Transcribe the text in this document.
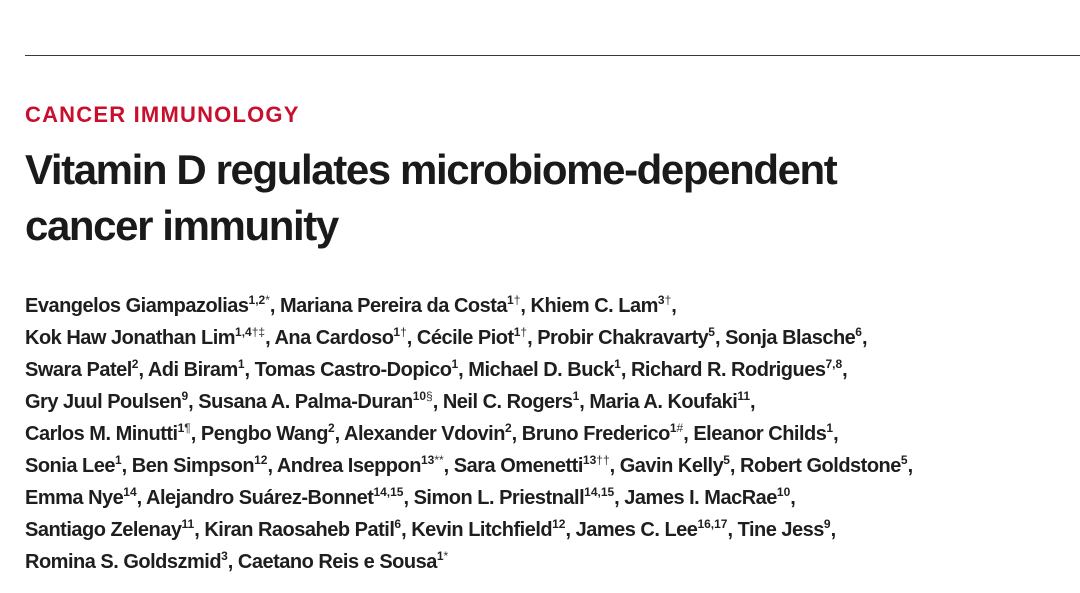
CANCER IMMUNOLOGY
Vitamin D regulates microbiome-dependent
cancer immunity
Evangelos Giampazolias$^{1,2*}$, Mariana Pereira da Costa$^{1\dagger}$, Khiem C. Lam$^{3\dagger}$,
Kok Haw Jonathan Lim$^{1,4\dagger\ddagger}$, Ana Cardoso$^{1\dagger}$, Cécile Piot$^{1\dagger}$, Probir Chakravarty$^5$, Sonja Blasche$^6$,
Swara Patel$^2$, Adi Biram$^1$, Tomas Castro-Dopico$^1$, Michael D. Buck$^1$, Richard R. Rodrigues$^{7,8}$,
Gry Juul Poulsen$^9$, Susana A. Palma-Duran$^{10\S}$, Neil C. Rogers$^1$, Maria A. Koufaki$^{11}$,
Carlos M. Minutti$^{1\P}$, Pengbo Wang$^2$, Alexander Vdovin$^2$, Bruno Frederico$^{1\#}$, Eleanor Childs$^1$,
Sonia Lee$^1$, Ben Simpson$^{12}$, Andrea Iseppon$^{13**}$, Sara Omenetti$^{13\dagger\dagger}$, Gavin Kelly$^5$, Robert Goldstone$^5$,
Emma Nye$^{14}$, Alejandro Suárez-Bonnet$^{14,15}$, Simon L. Priestnall$^{14,15}$, James I. MacRae$^{10}$,
Santiago Zelenay$^{11}$, Kiran Raosaheb Patil$^6$, Kevin Litchfield$^{12}$, James C. Lee$^{16,17}$, Tine Jess$^9$,
Romina S. Goldszmid$^3$, Caetano Reis e Sousa$^{1*}$
